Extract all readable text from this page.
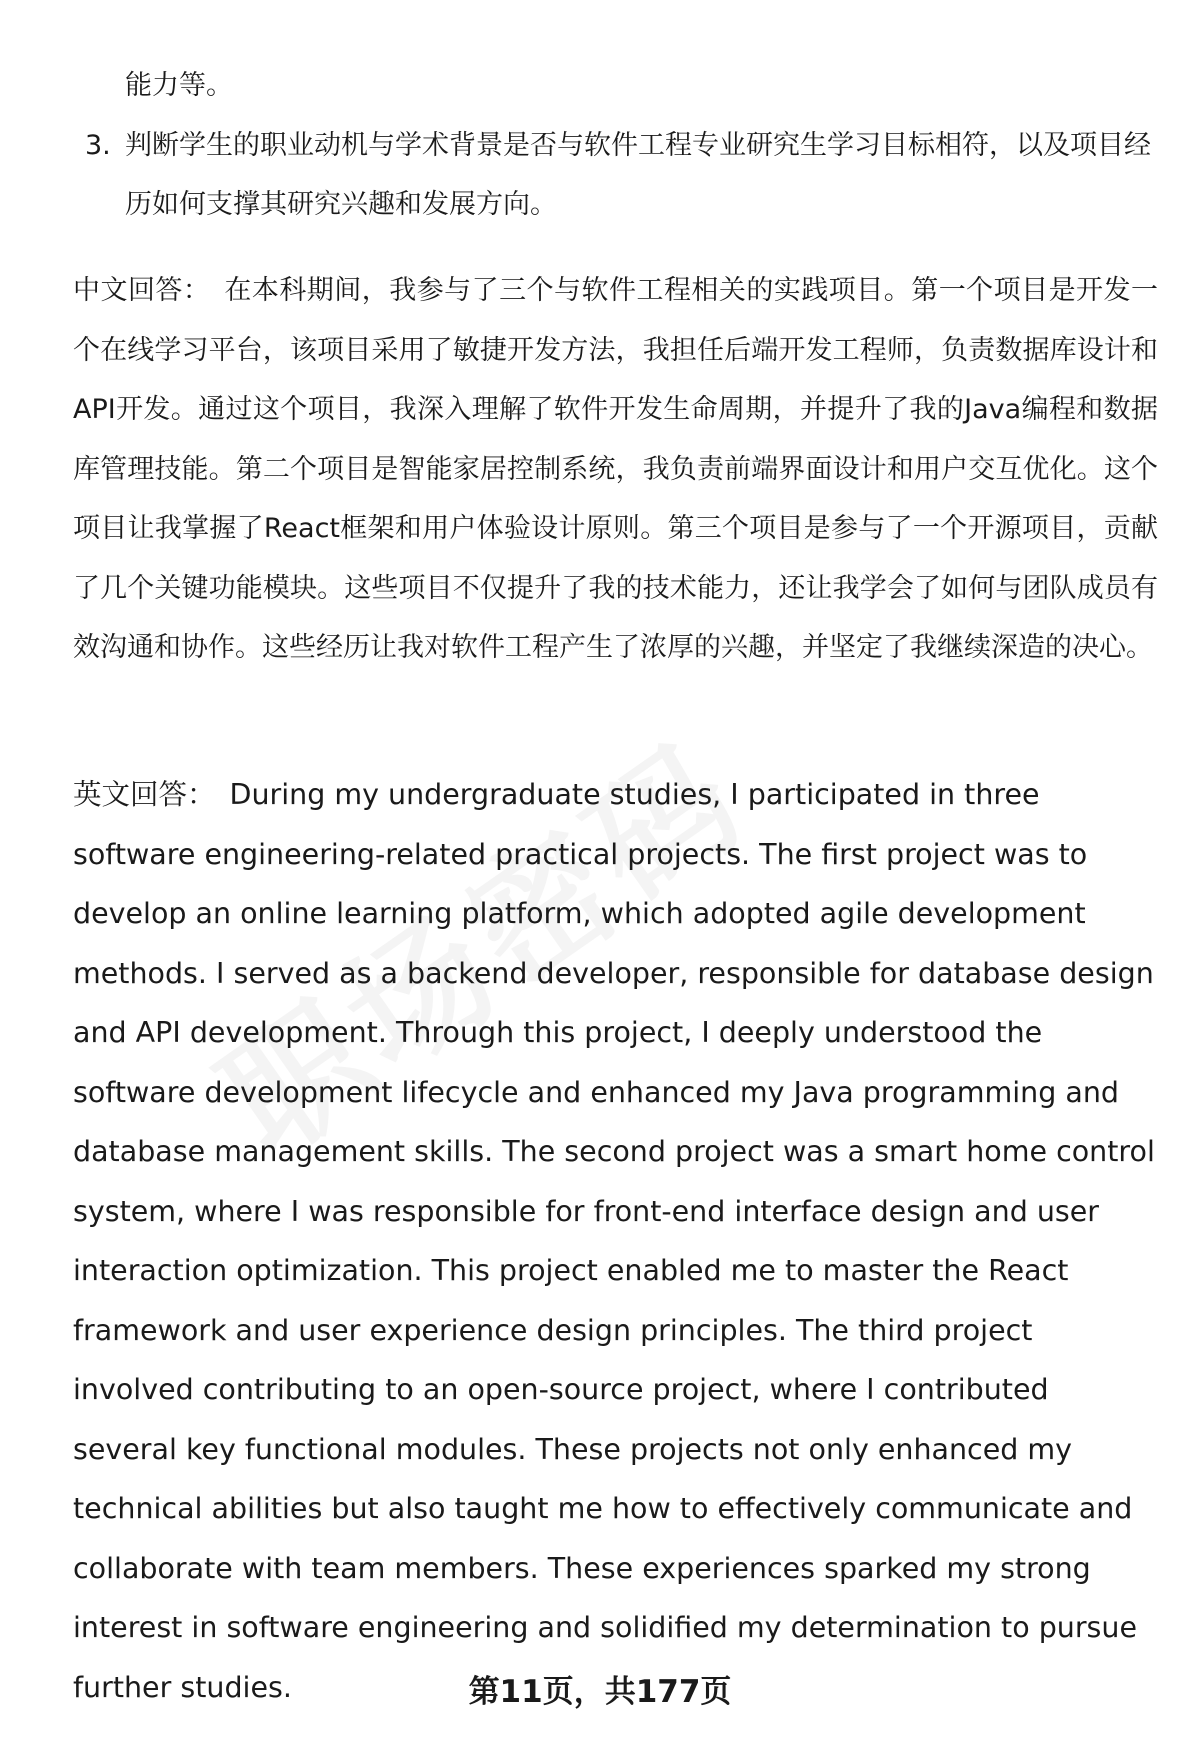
能力等。

3. 判断学生的职业动机与学术背景是否与软件工程专业研究生学习目标相符，以及项目经历如何支撑其研究兴趣和发展方向。

中文回答： 在本科期间，我参与了三个与软件工程相关的实践项目。第一个项目是开发一个在线学习平台，该项目采用了敏捷开发方法，我担任后端开发工程师，负责数据库设计和API开发。通过这个项目，我深入理解了软件开发生命周期，并提升了我的Java编程和数据库管理技能。第二个项目是智能家居控制系统，我负责前端界面设计和用户交互优化。这个项目让我掌握了React框架和用户体验设计原则。第三个项目是参与了一个开源项目，贡献了几个关键功能模块。这些项目不仅提升了我的技术能力，还让我学会了如何与团队成员有效沟通和协作。这些经历让我对软件工程产生了浓厚的兴趣，并坚定了我继续深造的决心。

英文回答： During my undergraduate studies, I participated in three software engineering-related practical projects. The first project was to develop an online learning platform, which adopted agile development methods. I served as a backend developer, responsible for database design and API development. Through this project, I deeply understood the software development lifecycle and enhanced my Java programming and database management skills. The second project was a smart home control system, where I was responsible for front-end interface design and user interaction optimization. This project enabled me to master the React framework and user experience design principles. The third project involved contributing to an open-source project, where I contributed several key functional modules. These projects not only enhanced my technical abilities but also taught me how to effectively communicate and collaborate with team members. These experiences sparked my strong interest in software engineering and solidified my determination to pursue further studies.	第11页，共177页
